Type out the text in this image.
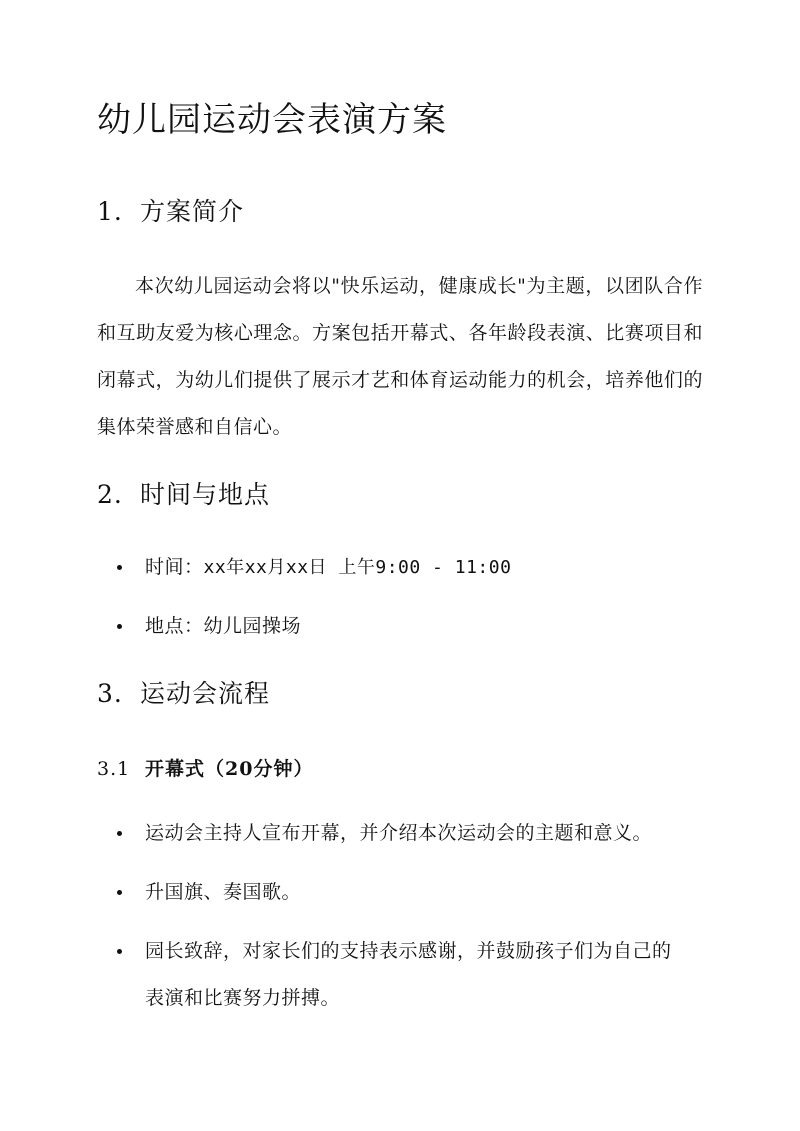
幼儿园运动会表演方案
1. 方案简介

本次幼儿园运动会将以"快乐运动，健康成长"为主题，以团队合作和互助友爱为核心理念。方案包括开幕式、各年龄段表演、比赛项目和闭幕式，为幼儿们提供了展示才艺和体育运动能力的机会，培养他们的集体荣誉感和自信心。

2. 时间与地点
时间：xx年xx月xx日 上午9:00 - 11:00
地点：幼儿园操场
3. 运动会流程
3.1 开幕式（20分钟）
运动会主持人宣布开幕，并介绍本次运动会的主题和意义。
升国旗、奏国歌。
园长致辞，对家长们的支持表示感谢，并鼓励孩子们为自己的表演和比赛努力拼搏。
